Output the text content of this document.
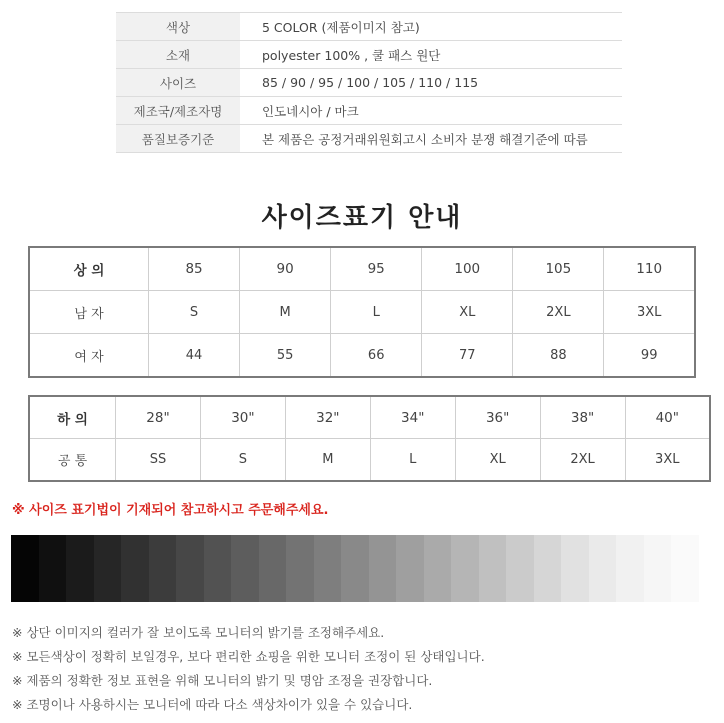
색상	5 COLOR (제품이미지 참고)
소재	polyester 100% , 쿨 패스 원단
사이즈	85 / 90 / 95 / 100 / 105 / 110 / 115
제조국/제조자명	인도네시아 / 마크
품질보증기준	본 제품은 공정거래위원회고시 소비자 분쟁 해결기준에 따름
사이즈표기 안내
상 의	85	90	95	100	105	110
남 자	S	M	L	XL	2XL	3XL
여 자	44	55	66	77	88	99
하 의	28"	30"	32"	34"	36"	38"	40"
공 통	SS	S	M	L	XL	2XL	3XL
※ 사이즈 표기법이 기재되어 참고하시고 주문해주세요.
※ 상단 이미지의 컬러가 잘 보이도록 모니터의 밝기를 조정해주세요.
※ 모든색상이 정확히 보일경우, 보다 편리한 쇼핑을 위한 모니터 조정이 된 상태입니다.
※ 제품의 정확한 정보 표현을 위해 모니터의 밝기 및 명암 조정을 권장합니다.
※ 조명이나 사용하시는 모니터에 따라 다소 색상차이가 있을 수 있습니다.
